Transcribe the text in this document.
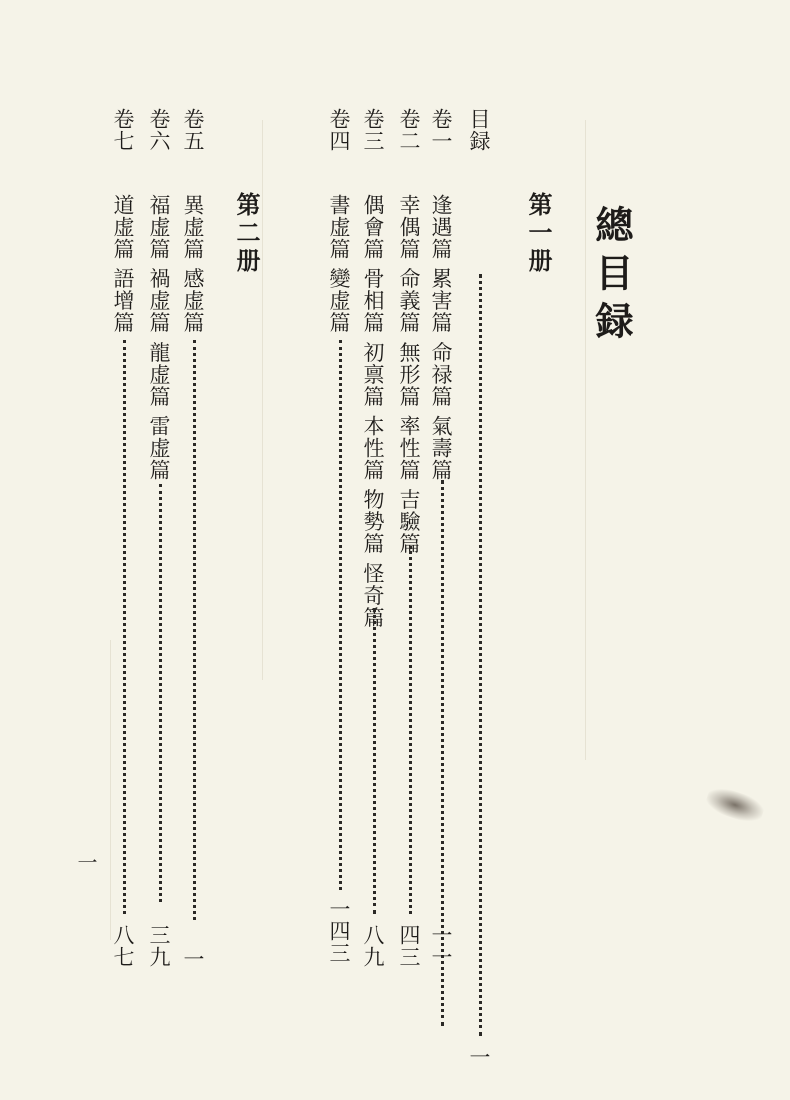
總目録
第一册
第二册
目録
一
卷一
逢遇篇 累害篇 命禄篇 氣壽篇
一一
卷二
幸偶篇 命義篇 無形篇 率性篇 吉驗篇
四三
卷三
偶會篇 骨相篇 初禀篇 本性篇 物勢篇 怪奇篇
八九
卷四
書虚篇 變虚篇
一四三
卷五
異虚篇 感虚篇
一
卷六
福虚篇 禍虚篇 龍虚篇 雷虚篇
三九
卷七
道虚篇 語增篇
八七
一
